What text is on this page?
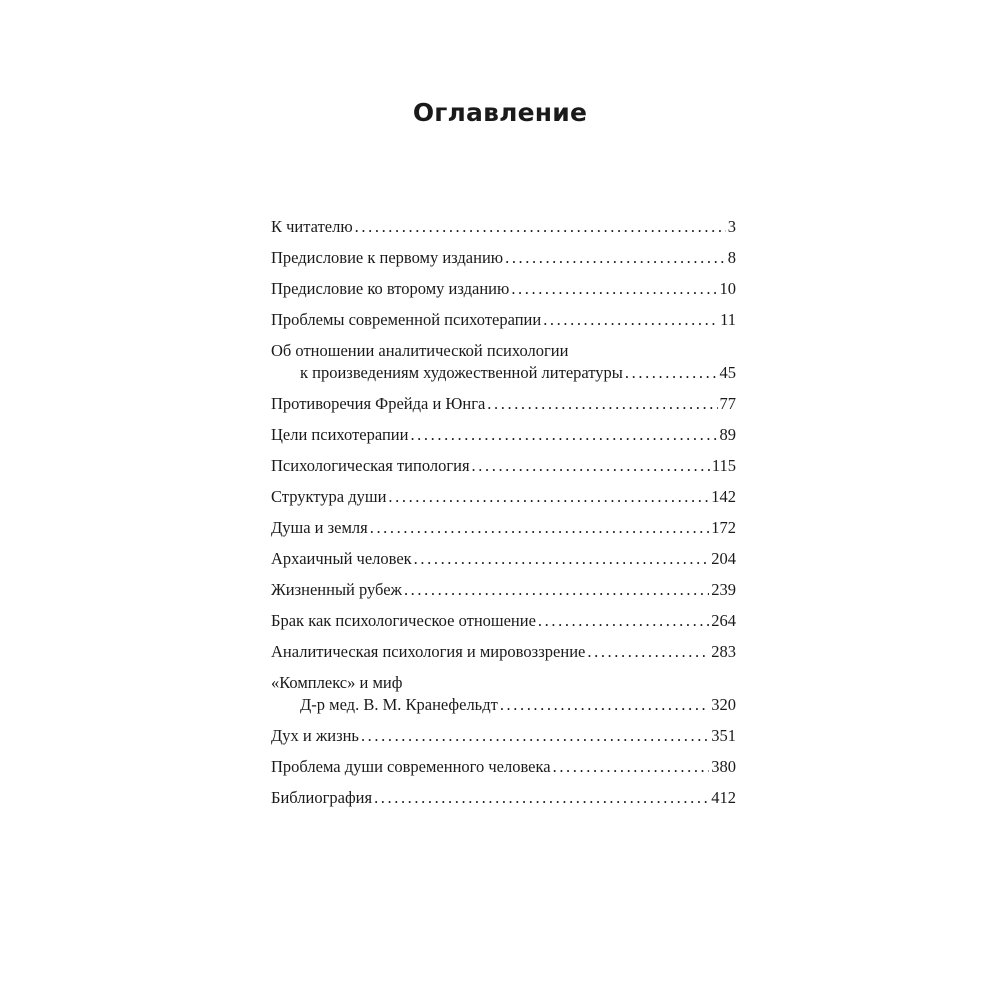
Оглавление
К читателю .....	3
Предисловие к первому изданию .....	8
Предисловие ко второму изданию .....	10
Проблемы современной психотерапии .....	11
Об отношении аналитической психологии
к произведениям художественной литературы .....	45
Противоречия Фрейда и Юнга .....	77
Цели психотерапии .....	89
Психологическая типология .....	115
Структура души .....	142
Душа и земля .....	172
Архаичный человек .....	204
Жизненный рубеж .....	239
Брак как психологическое отношение .....	264
Аналитическая психология и мировоззрение .....	283
«Комплекс» и миф
Д-р мед. В. М. Кранефельдт .....	320
Дух и жизнь .....	351
Проблема души современного человека .....	380
Библиография .....	412
